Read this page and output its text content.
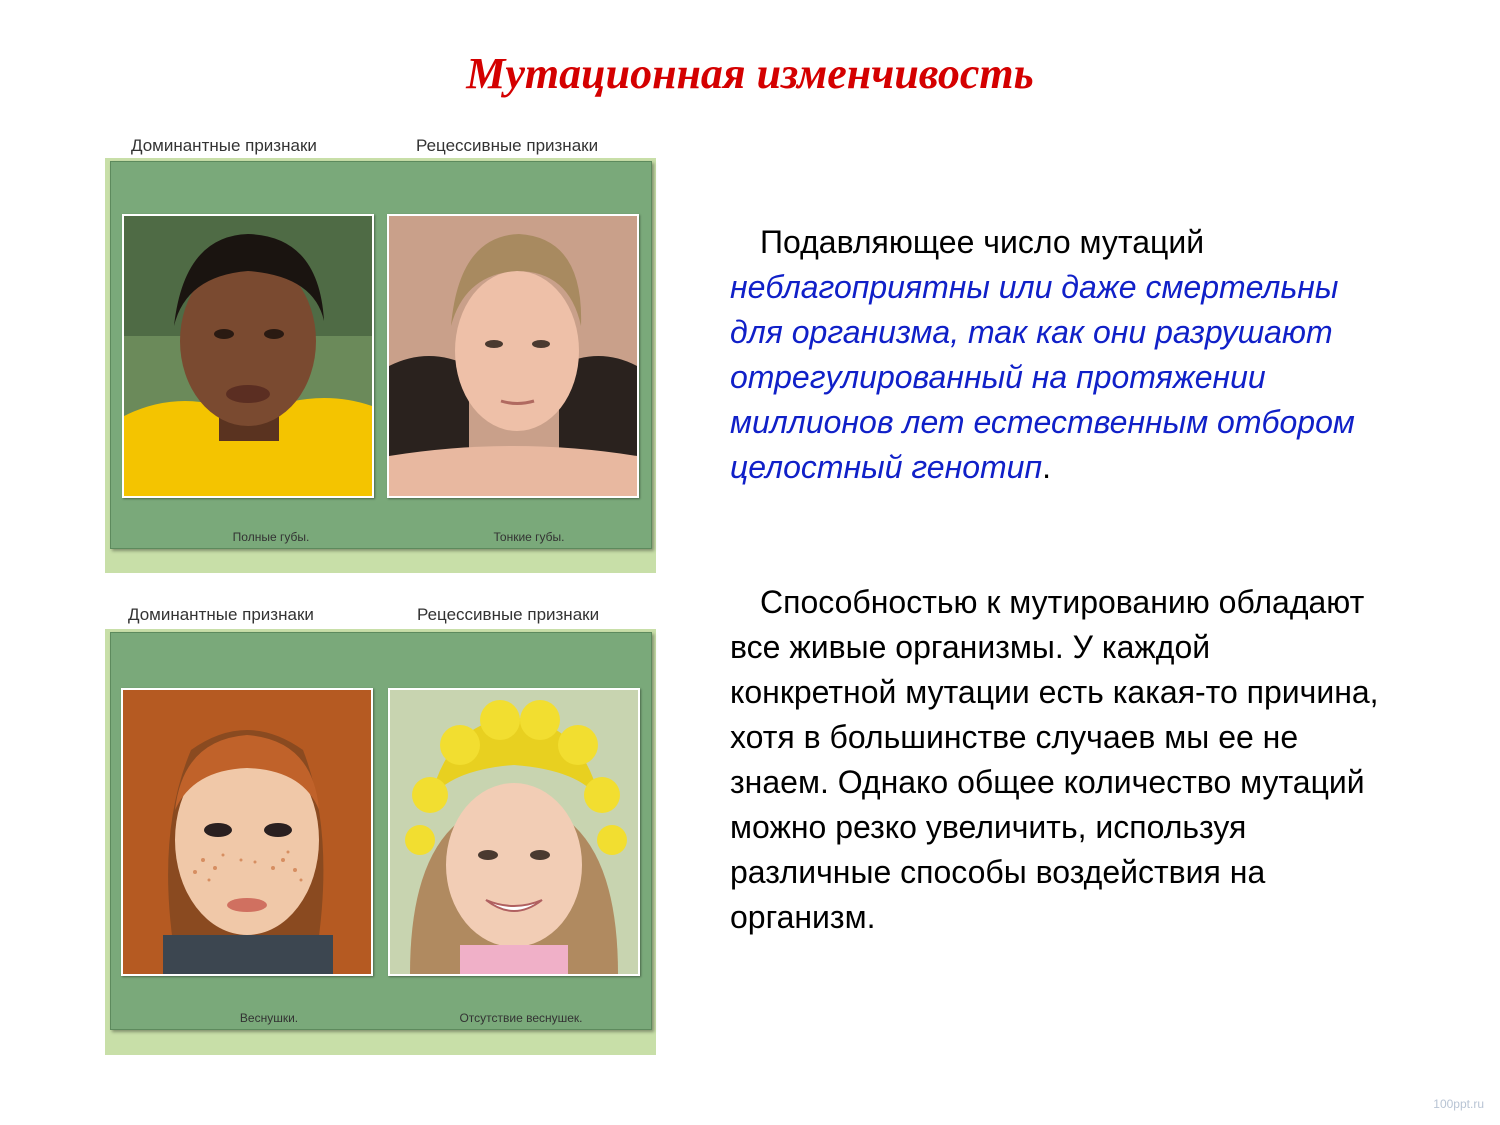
Мутационная изменчивость
Доминантные признаки	Рецессивные признаки
Полные губы.	Тонкие губы.
Доминантные признаки	Рецессивные признаки
Веснушки.	Отсутствие веснушек.
Подавляющее число мутаций неблагоприятны или даже смертельны для организма, так как они разрушают отрегулированный на протяжении миллионов лет естественным отбором целостный генотип.
Способностью к мутированию обладают все живые организмы. У каждой конкретной мутации есть какая-то причина, хотя в большинстве случаев мы ее не знаем. Однако общее количество мутаций можно резко увеличить, используя различные способы воздействия на организм.
100ppt.ru
